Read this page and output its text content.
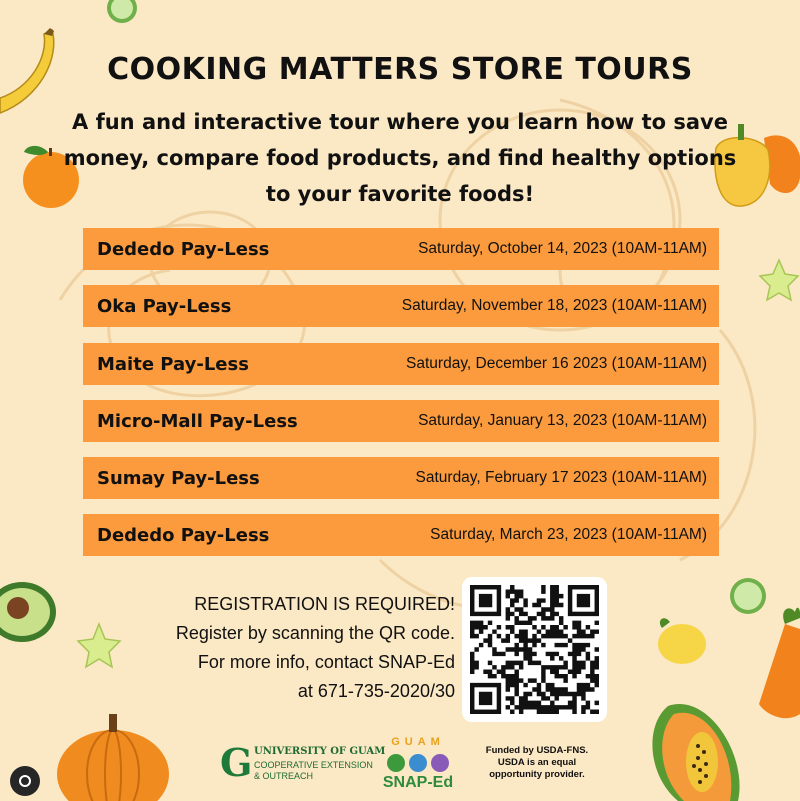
COOKING MATTERS STORE TOURS
A fun and interactive tour where you learn how to save money, compare food products, and find healthy options to your favorite foods!
Dededo Pay-Less	Saturday, October 14, 2023 (10AM-11AM)
Oka Pay-Less	Saturday, November 18, 2023 (10AM-11AM)
Maite Pay-Less	Saturday, December 16 2023 (10AM-11AM)
Micro-Mall Pay-Less	Saturday, January 13, 2023 (10AM-11AM)
Sumay Pay-Less	Saturday, February 17 2023 (10AM-11AM)
Dededo Pay-Less	Saturday, March 23, 2023 (10AM-11AM)
REGISTRATION IS REQUIRED!
Register by scanning the QR code.
For more info, contact SNAP-Ed
at 671-735-2020/30
G UNIVERSITY OF GUAM
COOPERATIVE EXTENSION
& OUTREACH
GUAM
SNAP-Ed
Funded by USDA-FNS.
USDA is an equal
opportunity provider.
